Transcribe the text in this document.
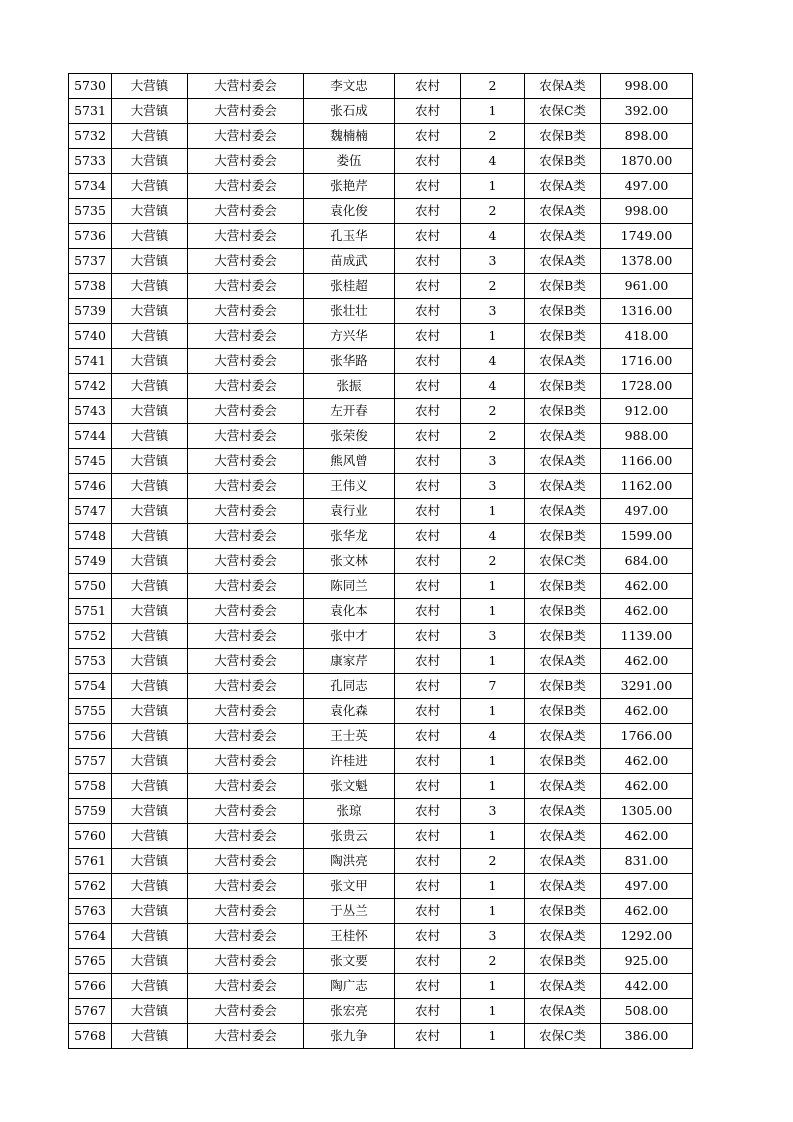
5730	大营镇	大营村委会	李文忠	农村	2	农保A类	998.00
5731	大营镇	大营村委会	张石成	农村	1	农保C类	392.00
5732	大营镇	大营村委会	魏楠楠	农村	2	农保B类	898.00
5733	大营镇	大营村委会	娄伍	农村	4	农保B类	1870.00
5734	大营镇	大营村委会	张艳芹	农村	1	农保A类	497.00
5735	大营镇	大营村委会	袁化俊	农村	2	农保A类	998.00
5736	大营镇	大营村委会	孔玉华	农村	4	农保A类	1749.00
5737	大营镇	大营村委会	苗成武	农村	3	农保A类	1378.00
5738	大营镇	大营村委会	张桂超	农村	2	农保B类	961.00
5739	大营镇	大营村委会	张壮壮	农村	3	农保B类	1316.00
5740	大营镇	大营村委会	方兴华	农村	1	农保B类	418.00
5741	大营镇	大营村委会	张华路	农村	4	农保A类	1716.00
5742	大营镇	大营村委会	张振	农村	4	农保B类	1728.00
5743	大营镇	大营村委会	左开春	农村	2	农保B类	912.00
5744	大营镇	大营村委会	张荣俊	农村	2	农保A类	988.00
5745	大营镇	大营村委会	熊风曾	农村	3	农保A类	1166.00
5746	大营镇	大营村委会	王伟义	农村	3	农保A类	1162.00
5747	大营镇	大营村委会	袁行业	农村	1	农保A类	497.00
5748	大营镇	大营村委会	张华龙	农村	4	农保B类	1599.00
5749	大营镇	大营村委会	张文林	农村	2	农保C类	684.00
5750	大营镇	大营村委会	陈同兰	农村	1	农保B类	462.00
5751	大营镇	大营村委会	袁化本	农村	1	农保B类	462.00
5752	大营镇	大营村委会	张中才	农村	3	农保B类	1139.00
5753	大营镇	大营村委会	康家芹	农村	1	农保A类	462.00
5754	大营镇	大营村委会	孔同志	农村	7	农保B类	3291.00
5755	大营镇	大营村委会	袁化森	农村	1	农保B类	462.00
5756	大营镇	大营村委会	王士英	农村	4	农保A类	1766.00
5757	大营镇	大营村委会	许桂进	农村	1	农保B类	462.00
5758	大营镇	大营村委会	张文魁	农村	1	农保A类	462.00
5759	大营镇	大营村委会	张琼	农村	3	农保A类	1305.00
5760	大营镇	大营村委会	张贵云	农村	1	农保A类	462.00
5761	大营镇	大营村委会	陶洪亮	农村	2	农保A类	831.00
5762	大营镇	大营村委会	张文甲	农村	1	农保A类	497.00
5763	大营镇	大营村委会	于丛兰	农村	1	农保B类	462.00
5764	大营镇	大营村委会	王桂怀	农村	3	农保A类	1292.00
5765	大营镇	大营村委会	张文要	农村	2	农保B类	925.00
5766	大营镇	大营村委会	陶广志	农村	1	农保A类	442.00
5767	大营镇	大营村委会	张宏亮	农村	1	农保A类	508.00
5768	大营镇	大营村委会	张九争	农村	1	农保C类	386.00
